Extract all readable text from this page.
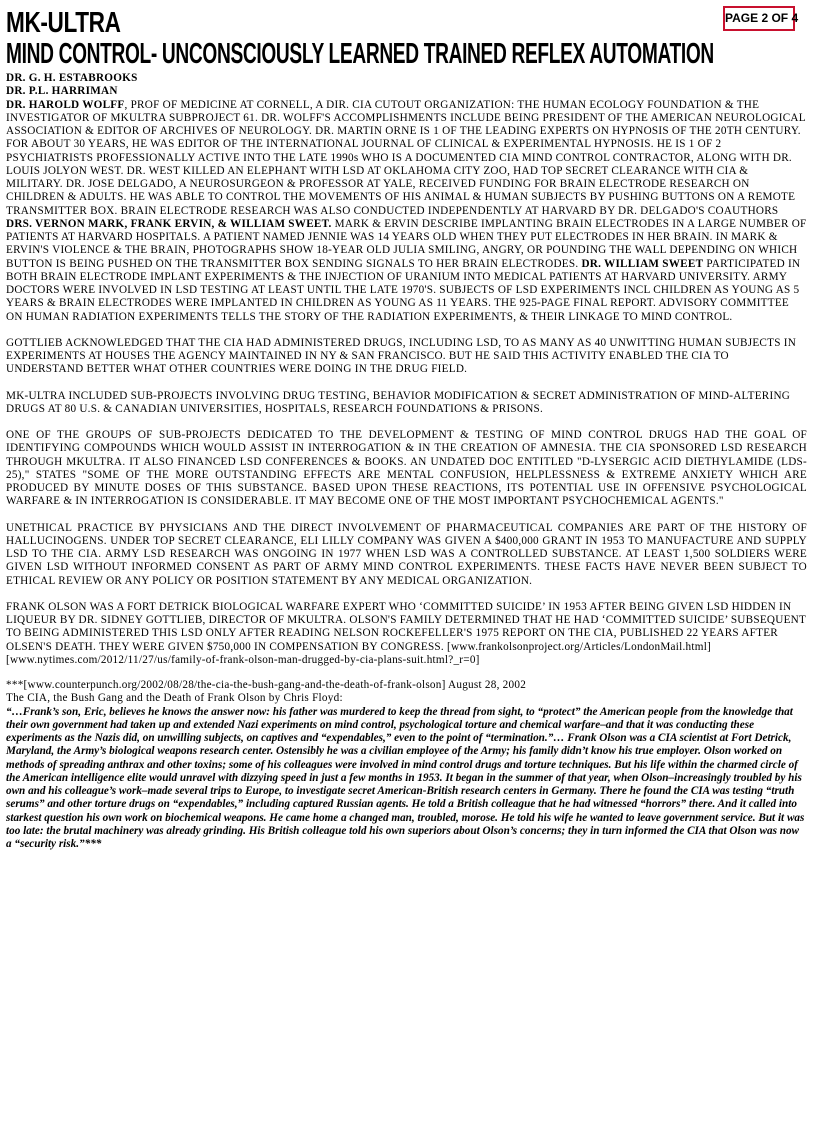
PAGE 2 OF 4
MK-ULTRA
MIND CONTROL- UNCONSCIOUSLY LEARNED TRAINED REFLEX AUTOMATION
DR. G. H. ESTABROOKS
DR. P.L. HARRIMAN

DR. HAROLD WOLFF, PROF OF MEDICINE AT CORNELL, A DIR. CIA CUTOUT ORGANIZATION: THE HUMAN ECOLOGY FOUNDATION & THE INVESTIGATOR OF MKULTRA SUBPROJECT 61. DR. WOLFF'S ACCOMPLISHMENTS INCLUDE BEING PRESIDENT OF THE AMERICAN NEUROLOGICAL ASSOCIATION & EDITOR OF ARCHIVES OF NEUROLOGY. DR. MARTIN ORNE IS 1 OF THE LEADING EXPERTS ON HYPNOSIS OF THE 20TH CENTURY. FOR ABOUT 30 YEARS, HE WAS EDITOR OF THE INTERNATIONAL JOURNAL OF CLINICAL & EXPERIMENTAL HYPNOSIS. HE IS 1 OF 2 PSYCHIATRISTS PROFESSIONALLY ACTIVE INTO THE LATE 1990s WHO IS A DOCUMENTED CIA MIND CONTROL CONTRACTOR, ALONG WITH DR. LOUIS JOLYON WEST. DR. WEST KILLED AN ELEPHANT WITH LSD AT OKLAHOMA CITY ZOO, HAD TOP SECRET CLEARANCE WITH CIA & MILITARY. DR. JOSE DELGADO, A NEUROSURGEON & PROFESSOR AT YALE, RECEIVED FUNDING FOR BRAIN ELECTRODE RESEARCH ON CHILDREN & ADULTS. HE WAS ABLE TO CONTROL THE MOVEMENTS OF HIS ANIMAL & HUMAN SUBJECTS BY PUSHING BUTTONS ON A REMOTE TRANSMITTER BOX. BRAIN ELECTRODE RESEARCH WAS ALSO CONDUCTED INDEPENDENTLY AT HARVARD BY DR. DELGADO'S COAUTHORS DRS. VERNON MARK, FRANK ERVIN, & WILLIAM SWEET. MARK & ERVIN DESCRIBE IMPLANTING BRAIN ELECTRODES IN A LARGE NUMBER OF PATIENTS AT HARVARD HOSPITALS. A PATIENT NAMED JENNIE WAS 14 YEARS OLD WHEN THEY PUT ELECTRODES IN HER BRAIN. IN MARK & ERVIN'S VIOLENCE & THE BRAIN, PHOTOGRAPHS SHOW 18-YEAR OLD JULIA SMILING, ANGRY, OR POUNDING THE WALL DEPENDING ON WHICH BUTTON IS BEING PUSHED ON THE TRANSMITTER BOX SENDING SIGNALS TO HER BRAIN ELECTRODES. DR. WILLIAM SWEET PARTICIPATED IN BOTH BRAIN ELECTRODE IMPLANT EXPERIMENTS & THE INJECTION OF URANIUM INTO MEDICAL PATIENTS AT HARVARD UNIVERSITY. ARMY DOCTORS WERE INVOLVED IN LSD TESTING AT LEAST UNTIL THE LATE 1970'S. SUBJECTS OF LSD EXPERIMENTS INCL CHILDREN AS YOUNG AS 5 YEARS & BRAIN ELECTRODES WERE IMPLANTED IN CHILDREN AS YOUNG AS 11 YEARS. THE 925-PAGE FINAL REPORT. ADVISORY COMMITTEE ON HUMAN RADIATION EXPERIMENTS TELLS THE STORY OF THE RADIATION EXPERIMENTS, & THEIR LINKAGE TO MIND CONTROL.

GOTTLIEB ACKNOWLEDGED THAT THE CIA HAD ADMINISTERED DRUGS, INCLUDING LSD, TO AS MANY AS 40 UNWITTING HUMAN SUBJECTS IN EXPERIMENTS AT HOUSES THE AGENCY MAINTAINED IN NY & SAN FRANCISCO. BUT HE SAID THIS ACTIVITY ENABLED THE CIA TO UNDERSTAND BETTER WHAT OTHER COUNTRIES WERE DOING IN THE DRUG FIELD.

MK-ULTRA INCLUDED SUB-PROJECTS INVOLVING DRUG TESTING, BEHAVIOR MODIFICATION & SECRET ADMINISTRATION OF MIND-ALTERING DRUGS AT 80 U.S. & CANADIAN UNIVERSITIES, HOSPITALS, RESEARCH FOUNDATIONS & PRISONS.

ONE OF THE GROUPS OF SUB-PROJECTS DEDICATED TO THE DEVELOPMENT & TESTING OF MIND CONTROL DRUGS HAD THE GOAL OF IDENTIFYING COMPOUNDS WHICH WOULD ASSIST IN INTERROGATION & IN THE CREATION OF AMNESIA. THE CIA SPONSORED LSD RESEARCH THROUGH MKULTRA. IT ALSO FINANCED LSD CONFERENCES & BOOKS. AN UNDATED DOC ENTITLED "D-LYSERGIC ACID DIETHYLAMIDE (LDS-25)," STATES "SOME OF THE MORE OUTSTANDING EFFECTS ARE MENTAL CONFUSION, HELPLESSNESS & EXTREME ANXIETY WHICH ARE PRODUCED BY MINUTE DOSES OF THIS SUBSTANCE. BASED UPON THESE REACTIONS, ITS POTENTIAL USE IN OFFENSIVE PSYCHOLOGICAL WARFARE & IN INTERROGATION IS CONSIDERABLE. IT MAY BECOME ONE OF THE MOST IMPORTANT PSYCHOCHEMICAL AGENTS."

UNETHICAL PRACTICE BY PHYSICIANS AND THE DIRECT INVOLVEMENT OF PHARMACEUTICAL COMPANIES ARE PART OF THE HISTORY OF HALLUCINOGENS. UNDER TOP SECRET CLEARANCE, ELI LILLY COMPANY WAS GIVEN A $400,000 GRANT IN 1953 TO MANUFACTURE AND SUPPLY LSD TO THE CIA. ARMY LSD RESEARCH WAS ONGOING IN 1977 WHEN LSD WAS A CONTROLLED SUBSTANCE. AT LEAST 1,500 SOLDIERS WERE GIVEN LSD WITHOUT INFORMED CONSENT AS PART OF ARMY MIND CONTROL EXPERIMENTS. THESE FACTS HAVE NEVER BEEN SUBJECT TO ETHICAL REVIEW OR ANY POLICY OR POSITION STATEMENT BY ANY MEDICAL ORGANIZATION.

FRANK OLSON WAS A FORT DETRICK BIOLOGICAL WARFARE EXPERT WHO ‘COMMITTED SUICIDE’ IN 1953 AFTER BEING GIVEN LSD HIDDEN IN LIQUEUR BY DR. SIDNEY GOTTLIEB, DIRECTOR OF MKULTRA. OLSON'S FAMILY DETERMINED THAT HE HAD ‘COMMITTED SUICIDE’ SUBSEQUENT TO BEING ADMINISTERED THIS LSD ONLY AFTER READING NELSON ROCKEFELLER'S 1975 REPORT ON THE CIA, PUBLISHED 22 YEARS AFTER OLSEN'S DEATH. THEY WERE GIVEN $750,000 IN COMPENSATION BY CONGRESS. [www.frankolsonproject.org/Articles/LondonMail.html]
[www.nytimes.com/2012/11/27/us/family-of-frank-olson-man-drugged-by-cia-plans-suit.html?_r=0]
***[www.counterpunch.org/2002/08/28/the-cia-the-bush-gang-and-the-death-of-frank-olson] August 28, 2002
The CIA, the Bush Gang and the Death of Frank Olson by Chris Floyd:
“…Frank’s son, Eric, believes he knows the answer now: his father was murdered to keep the thread from sight, to “protect” the American people from the knowledge that their own government had taken up and extended Nazi experiments on mind control, psychological torture and chemical warfare–and that it was conducting these experiments as the Nazis did, on unwilling subjects, on captives and “expendables,” even to the point of “termination.”… Frank Olson was a CIA scientist at Fort Detrick, Maryland, the Army’s biological weapons research center. Ostensibly he was a civilian employee of the Army; his family didn’t know his true employer. Olson worked on methods of spreading anthrax and other toxins; some of his colleagues were involved in mind control drugs and torture techniques. But his life within the charmed circle of the American intelligence elite would unravel with dizzying speed in just a few months in 1953. It began in the summer of that year, when Olson–increasingly troubled by his own and his colleague’s work–made several trips to Europe, to investigate secret American-British research centers in Germany. There he found the CIA was testing “truth serums” and other torture drugs on “expendables,” including captured Russian agents. He told a British colleague that he had witnessed “horrors” there. And it called into starkest question his own work on biochemical weapons. He came home a changed man, troubled, morose. He told his wife he wanted to leave government service. But it was too late: the brutal machinery was already grinding. His British colleague told his own superiors about Olson’s concerns; they in turn informed the CIA that Olson was now a “security risk.”***
